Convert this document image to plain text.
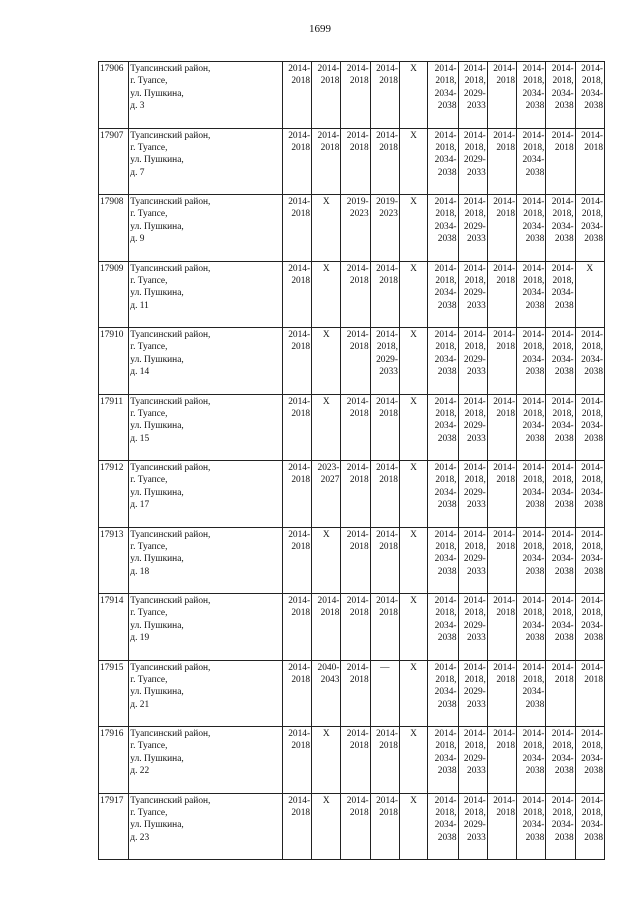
1699
17906	Туапсинский район,
г. Туапсе,
ул. Пушкина,
д. 3	2014-
2018	2014-
2018	2014-
2018	2014-
2018	X	2014-
2018,
2034-
2038	2014-
2018,
2029-
2033	2014-
2018	2014-
2018,
2034-
2038	2014-
2018,
2034-
2038	2014-
2018,
2034-
2038

17907	Туапсинский район,
г. Туапсе,
ул. Пушкина,
д. 7	2014-
2018	2014-
2018	2014-
2018	2014-
2018	X	2014-
2018,
2034-
2038	2014-
2018,
2029-
2033	2014-
2018	2014-
2018,
2034-
2038	2014-
2018	2014-
2018

17908	Туапсинский район,
г. Туапсе,
ул. Пушкина,
д. 9	2014-
2018	X	2019-
2023	2019-
2023	X	2014-
2018,
2034-
2038	2014-
2018,
2029-
2033	2014-
2018	2014-
2018,
2034-
2038	2014-
2018,
2034-
2038	2014-
2018,
2034-
2038

17909	Туапсинский район,
г. Туапсе,
ул. Пушкина,
д. 11	2014-
2018	X	2014-
2018	2014-
2018	X	2014-
2018,
2034-
2038	2014-
2018,
2029-
2033	2014-
2018	2014-
2018,
2034-
2038	2014-
2018,
2034-
2038	X

17910	Туапсинский район,
г. Туапсе,
ул. Пушкина,
д. 14	2014-
2018	X	2014-
2018	2014-
2018,
2029-
2033	X	2014-
2018,
2034-
2038	2014-
2018,
2029-
2033	2014-
2018	2014-
2018,
2034-
2038	2014-
2018,
2034-
2038	2014-
2018,
2034-
2038

17911	Туапсинский район,
г. Туапсе,
ул. Пушкина,
д. 15	2014-
2018	X	2014-
2018	2014-
2018	X	2014-
2018,
2034-
2038	2014-
2018,
2029-
2033	2014-
2018	2014-
2018,
2034-
2038	2014-
2018,
2034-
2038	2014-
2018,
2034-
2038

17912	Туапсинский район,
г. Туапсе,
ул. Пушкина,
д. 17	2014-
2018	2023-
2027	2014-
2018	2014-
2018	X	2014-
2018,
2034-
2038	2014-
2018,
2029-
2033	2014-
2018	2014-
2018,
2034-
2038	2014-
2018,
2034-
2038	2014-
2018,
2034-
2038

17913	Туапсинский район,
г. Туапсе,
ул. Пушкина,
д. 18	2014-
2018	X	2014-
2018	2014-
2018	X	2014-
2018,
2034-
2038	2014-
2018,
2029-
2033	2014-
2018	2014-
2018,
2034-
2038	2014-
2018,
2034-
2038	2014-
2018,
2034-
2038

17914	Туапсинский район,
г. Туапсе,
ул. Пушкина,
д. 19	2014-
2018	2014-
2018	2014-
2018	2014-
2018	X	2014-
2018,
2034-
2038	2014-
2018,
2029-
2033	2014-
2018	2014-
2018,
2034-
2038	2014-
2018,
2034-
2038	2014-
2018,
2034-
2038

17915	Туапсинский район,
г. Туапсе,
ул. Пушкина,
д. 21	2014-
2018	2040-
2043	2014-
2018	—	X	2014-
2018,
2034-
2038	2014-
2018,
2029-
2033	2014-
2018	2014-
2018,
2034-
2038	2014-
2018	2014-
2018

17916	Туапсинский район,
г. Туапсе,
ул. Пушкина,
д. 22	2014-
2018	X	2014-
2018	2014-
2018	X	2014-
2018,
2034-
2038	2014-
2018,
2029-
2033	2014-
2018	2014-
2018,
2034-
2038	2014-
2018,
2034-
2038	2014-
2018,
2034-
2038

17917	Туапсинский район,
г. Туапсе,
ул. Пушкина,
д. 23	2014-
2018	X	2014-
2018	2014-
2018	X	2014-
2018,
2034-
2038	2014-
2018,
2029-
2033	2014-
2018	2014-
2018,
2034-
2038	2014-
2018,
2034-
2038	2014-
2018,
2034-
2038
